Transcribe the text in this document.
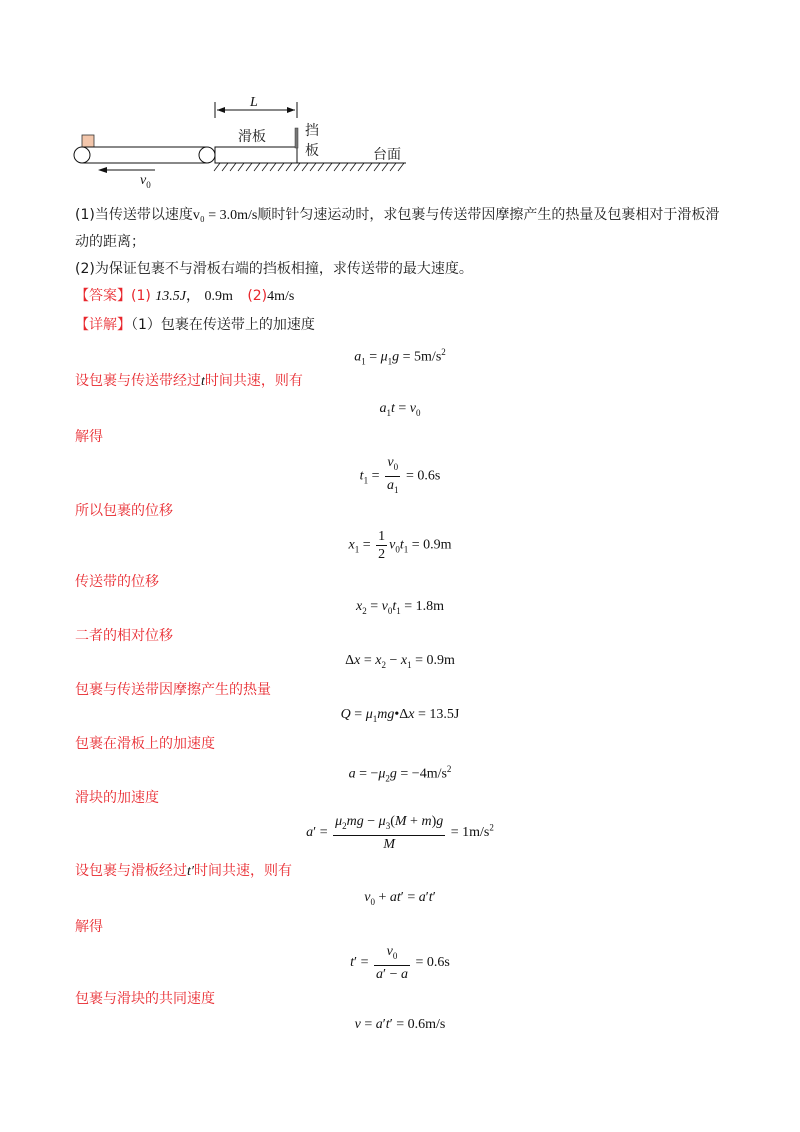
L
滑板	挡
板	台面
$v_0$
(1)当传送带以速度v₀ = 3.0m/s顺时针匀速运动时，求包裹与传送带因摩擦产生的热量及包裹相对于滑板滑
动的距离；
(2)为保证包裹不与滑板右端的挡板相撞，求传送带的最大速度。
【答案】(1) 13.5J， 0.9m (2)4m/s
【详解】（1）包裹在传送带上的加速度
$a_1 = \mu_1g = 5m/s^2$
设包裹与传送带经过t时间共速，则有
$a_1t = v_0$
解得
$t_1 = \frac{v_0}{a_1} = 0.6s$
所以包裹的位移
$x_1 = \frac{1}{2} v_0t_1 = 0.9m$
传送带的位移
$x_2 = v_0t_1 = 1.8m$
二者的相对位移
$\Delta x = x_2 - x_1 = 0.9m$
包裹与传送带因摩擦产生的热量
$Q = \mu_1mg•\Delta x = 13.5J$
包裹在滑板上的加速度
$a = -\mu_2g = -4m/s^2$
滑块的加速度
$a' = \frac{\mu_2mg - \mu_3(M + m)g}{M} = 1m/s^2$
设包裹与滑板经过t′时间共速，则有
$v_0 + at' = a't'$
解得
$t' = \frac{v_0}{a' - a} = 0.6s$
包裹与滑块的共同速度
v = a′t′ = 0.6m/s
